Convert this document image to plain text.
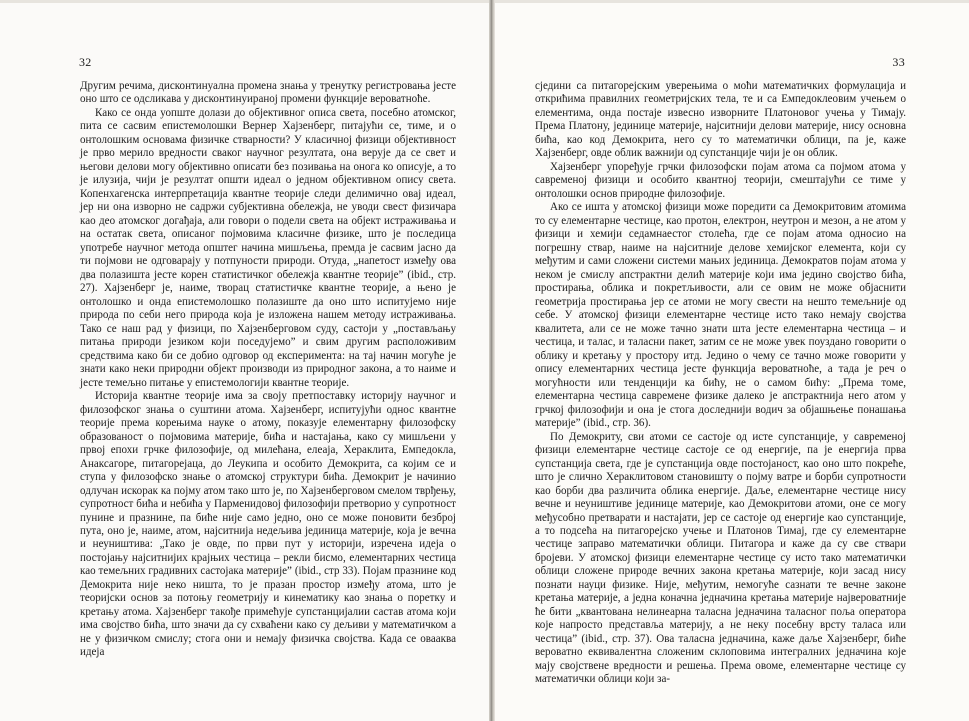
32

Другим речима, дисконтинуална промена знања у тренутку регистровања јесте оно што се одсликава у дисконтинуираној промени функције вероватноће.

Како се онда уопште долази до објективног описа света, посебно атомског, пита се сасвим епистемолошки Вернер Хајзенберг, питајући се, тиме, и о онтолошким основама физичке стварности? У класичној физици објективност је прво мерило вредности сваког научног резултата, она верује да се свет и његови делови могу објективно описати без позивања на онога ко описује, а то је илузија, чији је резултат општи идеал о једном објективном опису света. Копенхагенска интерпретација квантне теорије следи делимично овај идеал, јер ни она изворно не садржи субјективна обележја, не уводи свест физичара као део атомског догађаја, али говори о подели света на објект истраживања и на остатак света, описаног појмовима класичне физике, што је последица употребе научног метода општег начина мишљења, премда је сасвим јасно да ти појмови не одговарају у потпуности природи. Отуда, „напетост између ова два полазишта јесте корен статистичког обележја квантне теорије” (ibid., стр. 27). Хајзенберг је, наиме, творац статистичке квантне теорије, а њено је онтолошко и онда епистемолошко полазиште да оно што испитујемо није природа по себи него природа која је изложена нашем методу истраживања. Тако се наш рад у физици, по Хајзенберговом суду, састоји у „постављању питања природи језиком који поседујемо” и свим другим расположивим средствима како би се добио одговор од експеримента: на тај начин могуће је знати како неки природни објект производи из природног закона, а то наиме и јесте темељно питање у епистемологији квантне теорије.

Историја квантне теорије има за своју претпоставку историју научног и филозофског знања о суштини атома. Хајзенберг, испитујући однос квантне теорије према корењима науке о атому, показује елементарну филозофску образованост о појмовима материје, бића и настајања, како су мишљени у првој епохи грчке филозофије, од милећана, елеаја, Хераклита, Емпедокла, Анаксагоре, питагорејаца, до Леукипа и особито Демокрита, са којим се и ступа у филозофско знање о атомској структури бића. Демокрит је начинио одлучан искорак ка појму атом тако што је, по Хајзенберговом смелом тврђењу, супротност бића и небића у Парменидовој филозофији претворио у супротност пунине и празнине, па биће није само једно, оно се може поновити безброј пута, оно је, наиме, атом, најситнија недељива јединица материје, која је вечна и неуништива: „Тако је овде, по први пут у историји, изречена идеја о постојању најситнијих крајњих честица – рекли бисмо, елементарних честица као темељних градивних састојака материје” (ibid., стр 33). Појам празнине код Демокрита није неко ништа, то је празан простор између атома, што је теоријски основ за потоњу геометрију и кинематику као знања о поретку и кретању атома. Хајзенберг такође примећује супстанцијалии састав атома који има својство бића, што значи да су схваћени како су дељиви у математичком а не у физичком смислу; стога они и немају физичка својства. Када се овааква идеја

33

сједини са питагорејским уверењима о моћи математичких формулација и открићима правилних геометријских тела, те и са Емпедоклеовим учењем о елементима, онда постаје извесно изворните Платоновог учења у Тимају. Према Платону, јединице материје, најситнији делови материје, нису основна бића, као код Демокрита, него су то математички облици, па је, каже Хајзенберг, овде облик важнији од супстанције чији је он облик.

Хајзенберг упоређује грчки филозофски појам атома са појмом атома у савременој физици и особито квантној теорији, смештајући се тиме у онтолошки основ природне филозофије.

Ако се ишта у атомској физици може поредити са Демокритовим атомима то су елементарне честице, као протон, електрон, неутрон и мезон, а не атом у физици и хемији седамнаестог столећа, где се појам атома односио на погрешну ствар, наиме на најситније делове хемијског елемента, који су међутим и сами сложени системи мањих јединица. Демократов појам атома у неком је смислу апстрактни делић материје који има једино својство бића, простирања, облика и покретљивости, али се овим не може објаснити геометрија простирања јер се атоми не могу свести на нешто темељније од себе. У атомској физици елементарне честице исто тако немају својства квалитета, али се не може тачно знати шта јесте елементарна честица – и честица, и талас, и таласни пакет, затим се не може увек поуздано говорити о облику и кретању у простору итд. Једино о чему се тачно може говорити у опису елементарних честица јесте функција вероватноће, а тада је реч о могућности или тенденцији ка бићу, не о самом бићу: „Према томе, елементарна честица савремене физике далеко је апстрактнија него атом у грчкој филозофији и она је стога доследнији водич за објашњење понашања материје” (ibid., стр. 36).

По Демокриту, сви атоми се састоје од исте супстанције, у савременој физици елементарне честице састоје се од енергије, па је енергија прва супстанција света, где је супстанција овде постојаност, као оно што покреће, што је слично Хераклитовом становишту о појму ватре и борби супротности као борби два различита облика енергије. Даље, елементарне честице нису вечне и неуништиве јединице материје, као Демокритови атоми, оне се могу међусобно претварати и настајати, јер се састоје од енергије као супстанције, а то подсећа на питагорејско учење и Платонов Тимај, где су елементарне честице заправо математички облици. Питагора и каже да су све ствари бројеви. У атомској физици елементарне честице су исто тако математички облици сложене природе вечних закона кретања материје, који засад нису познати науци физике. Није, међутим, немогуће сазнати те вечне законе кретања материје, а једна коначна једначина кретања материје највероватније ће бити „квантована нелинеарна таласна једначина таласног поља оператора које напросто представља материју, а не неку посебну врсту таласа или честица” (ibid., стр. 37). Ова таласна једначина, каже даље Хајзенберг, биће веровaтно еквивалентна сложеним склоповима интегралних једначина које мају својствене вредности и решења. Према овоме, елементарне честице су математички облици који за-
